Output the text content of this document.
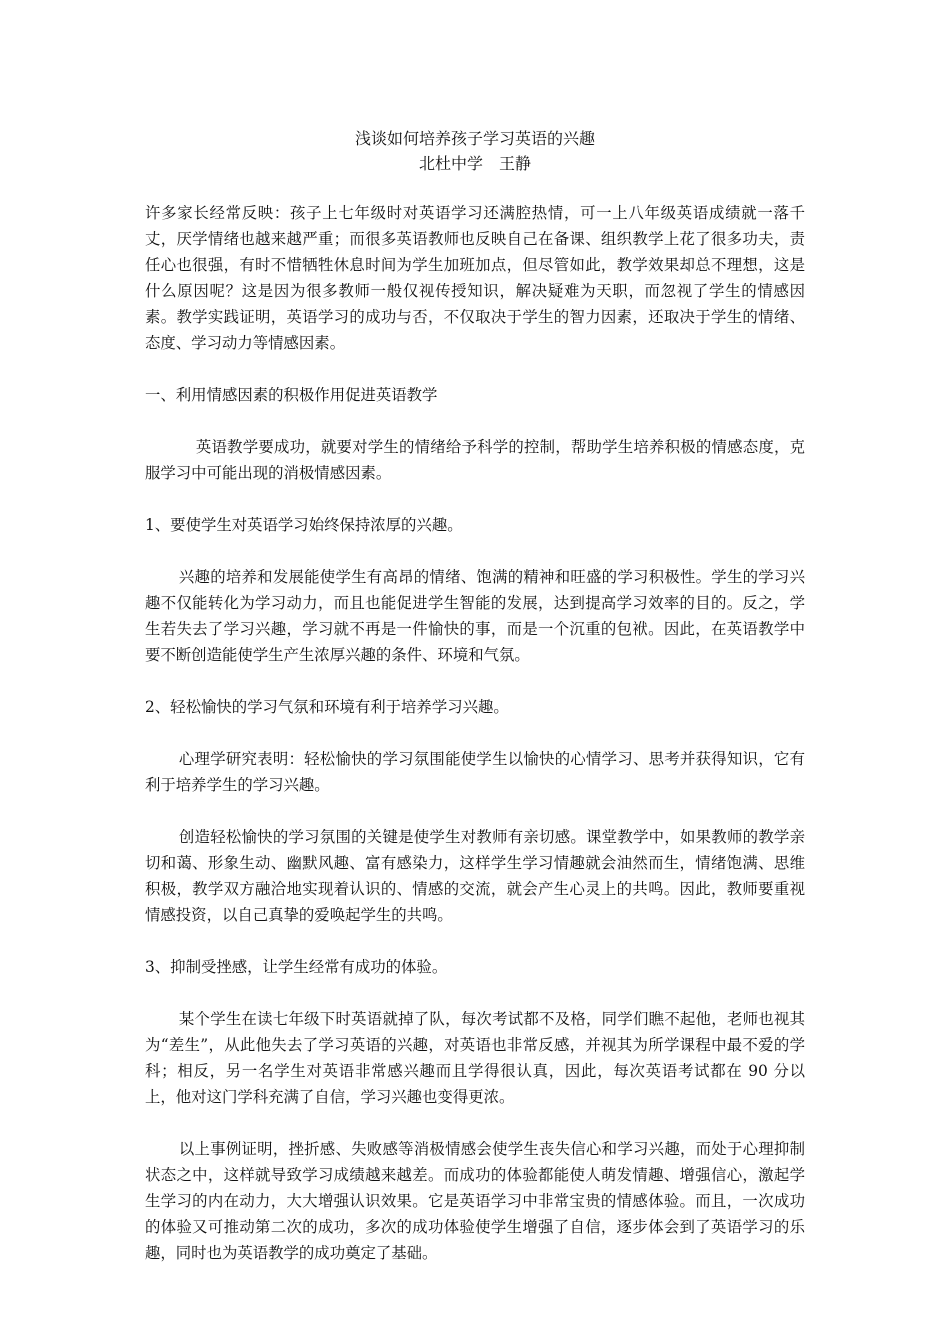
浅谈如何培养孩子学习英语的兴趣
北杜中学　王静

许多家长经常反映：孩子上七年级时对英语学习还满腔热情，可一上八年级英语成绩就一落千丈，厌学情绪也越来越严重；而很多英语教师也反映自己在备课、组织教学上花了很多功夫，责任心也很强，有时不惜牺牲休息时间为学生加班加点，但尽管如此，教学效果却总不理想，这是什么原因呢？这是因为很多教师一般仅视传授知识，解决疑难为天职，而忽视了学生的情感因素。教学实践证明，英语学习的成功与否，不仅取决于学生的智力因素，还取决于学生的情绪、态度、学习动力等情感因素。

一、利用情感因素的积极作用促进英语教学

英语教学要成功，就要对学生的情绪给予科学的控制，帮助学生培养积极的情感态度，克服学习中可能出现的消极情感因素。

1、要使学生对英语学习始终保持浓厚的兴趣。

兴趣的培养和发展能使学生有高昂的情绪、饱满的精神和旺盛的学习积极性。学生的学习兴趣不仅能转化为学习动力，而且也能促进学生智能的发展，达到提高学习效率的目的。反之，学生若失去了学习兴趣，学习就不再是一件愉快的事，而是一个沉重的包袱。因此，在英语教学中要不断创造能使学生产生浓厚兴趣的条件、环境和气氛。

2、轻松愉快的学习气氛和环境有利于培养学习兴趣。

心理学研究表明：轻松愉快的学习氛围能使学生以愉快的心情学习、思考并获得知识，它有利于培养学生的学习兴趣。

创造轻松愉快的学习氛围的关键是使学生对教师有亲切感。课堂教学中，如果教师的教学亲切和蔼、形象生动、幽默风趣、富有感染力，这样学生学习情趣就会油然而生，情绪饱满、思维积极，教学双方融洽地实现着认识的、情感的交流，就会产生心灵上的共鸣。因此，教师要重视情感投资，以自己真挚的爱唤起学生的共鸣。

3、抑制受挫感，让学生经常有成功的体验。

某个学生在读七年级下时英语就掉了队，每次考试都不及格，同学们瞧不起他，老师也视其为“差生”，从此他失去了学习英语的兴趣，对英语也非常反感，并视其为所学课程中最不爱的学科；相反，另一名学生对英语非常感兴趣而且学得很认真，因此，每次英语考试都在 90 分以上，他对这门学科充满了自信，学习兴趣也变得更浓。

以上事例证明，挫折感、失败感等消极情感会使学生丧失信心和学习兴趣，而处于心理抑制状态之中，这样就导致学习成绩越来越差。而成功的体验都能使人萌发情趣、增强信心，激起学生学习的内在动力，大大增强认识效果。它是英语学习中非常宝贵的情感体验。而且，一次成功的体验又可推动第二次的成功，多次的成功体验使学生增强了自信，逐步体会到了英语学习的乐趣，同时也为英语教学的成功奠定了基础。
